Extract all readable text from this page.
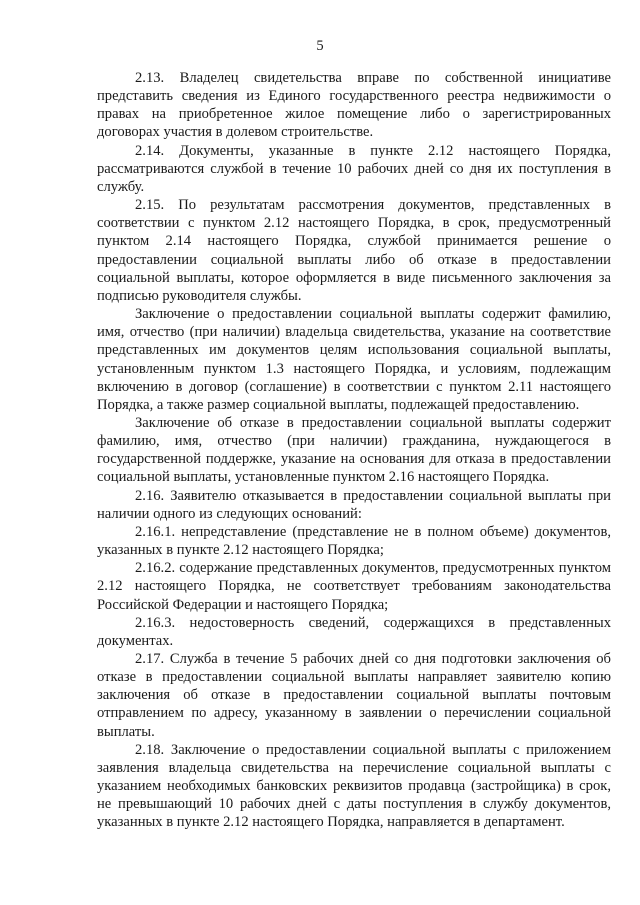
5

2.13. Владелец свидетельства вправе по собственной инициативе представить сведения из Единого государственного реестра недвижимости о правах на приобретенное жилое помещение либо о зарегистрированных договорах участия в долевом строительстве.

2.14. Документы, указанные в пункте 2.12 настоящего Порядка, рассматриваются службой в течение 10 рабочих дней со дня их поступления в службу.

2.15. По результатам рассмотрения документов, представленных в соответствии с пунктом 2.12 настоящего Порядка, в срок, предусмотренный пунктом 2.14 настоящего Порядка, службой принимается решение о предоставлении социальной выплаты либо об отказе в предоставлении социальной выплаты, которое оформляется в виде письменного заключения за подписью руководителя службы.

Заключение о предоставлении социальной выплаты содержит фамилию, имя, отчество (при наличии) владельца свидетельства, указание на соответствие представленных им документов целям использования социальной выплаты, установленным пунктом 1.3 настоящего Порядка, и условиям, подлежащим включению в договор (соглашение) в соответствии с пунктом 2.11 настоящего Порядка, а также размер социальной выплаты, подлежащей предоставлению.

Заключение об отказе в предоставлении социальной выплаты содержит фамилию, имя, отчество (при наличии) гражданина, нуждающегося в государственной поддержке, указание на основания для отказа в предоставлении социальной выплаты, установленные пунктом 2.16 настоящего Порядка.

2.16. Заявителю отказывается в предоставлении социальной выплаты при наличии одного из следующих оснований:

2.16.1. непредставление (представление не в полном объеме) документов, указанных в пункте 2.12 настоящего Порядка;

2.16.2. содержание представленных документов, предусмотренных пунктом 2.12 настоящего Порядка, не соответствует требованиям законодательства Российской Федерации и настоящего Порядка;

2.16.3. недостоверность сведений, содержащихся в представленных документах.

2.17. Служба в течение 5 рабочих дней со дня подготовки заключения об отказе в предоставлении социальной выплаты направляет заявителю копию заключения об отказе в предоставлении социальной выплаты почтовым отправлением по адресу, указанному в заявлении о перечислении социальной выплаты.

2.18. Заключение о предоставлении социальной выплаты с приложением заявления владельца свидетельства на перечисление социальной выплаты с указанием необходимых банковских реквизитов продавца (застройщика) в срок, не превышающий 10 рабочих дней с даты поступления в службу документов, указанных в пункте 2.12 настоящего Порядка, направляется в департамент.
